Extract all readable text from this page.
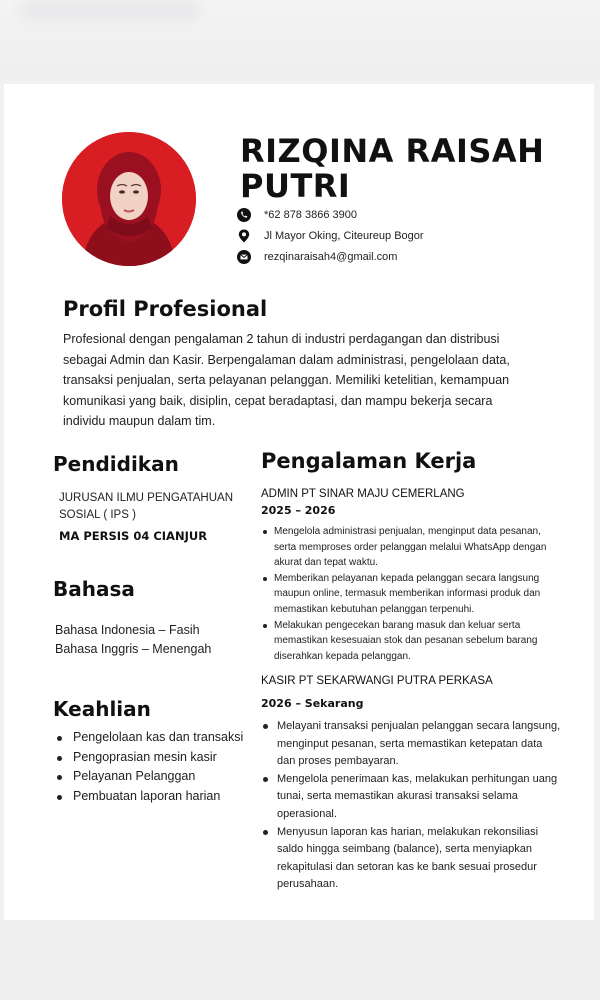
RIZQINA RAISAH
PUTRI
*62 878 3866 3900
Jl Mayor Oking, Citeureup Bogor
rezqinaraisah4@gmail.com
Profil Profesional
Profesional dengan pengalaman 2 tahun di industri perdagangan dan distribusi sebagai Admin dan Kasir. Berpengalaman dalam administrasi, pengelolaan data, transaksi penjualan, serta pelayanan pelanggan. Memiliki ketelitian, kemampuan komunikasi yang baik, disiplin, cepat beradaptasi, dan mampu bekerja secara individu maupun dalam tim.
Pendidikan
JURUSAN ILMU PENGATAHUAN SOSIAL ( IPS )
MA PERSIS 04 CIANJUR
Bahasa
Bahasa Indonesia – Fasih
Bahasa Inggris – Menengah
Keahlian
Pengelolaan kas dan transaksi
Pengoprasian mesin kasir
Pelayanan Pelanggan
Pembuatan laporan harian
Pengalaman Kerja
ADMIN PT SINAR MAJU CEMERLANG
2025 – 2026
Mengelola administrasi penjualan, menginput data pesanan, serta memproses order pelanggan melalui WhatsApp dengan akurat dan tepat waktu.
Memberikan pelayanan kepada pelanggan secara langsung maupun online, termasuk memberikan informasi produk dan memastikan kebutuhan pelanggan terpenuhi.
Melakukan pengecekan barang masuk dan keluar serta memastikan kesesuaian stok dan pesanan sebelum barang diserahkan kepada pelanggan.
KASIR PT SEKARWANGI PUTRA PERKASA
2026 – Sekarang
Melayani transaksi penjualan pelanggan secara langsung, menginput pesanan, serta memastikan ketepatan data dan proses pembayaran.
Mengelola penerimaan kas, melakukan perhitungan uang tunai, serta memastikan akurasi transaksi selama operasional.
Menyusun laporan kas harian, melakukan rekonsiliasi saldo hingga seimbang (balance), serta menyiapkan rekapitulasi dan setoran kas ke bank sesuai prosedur perusahaan.
